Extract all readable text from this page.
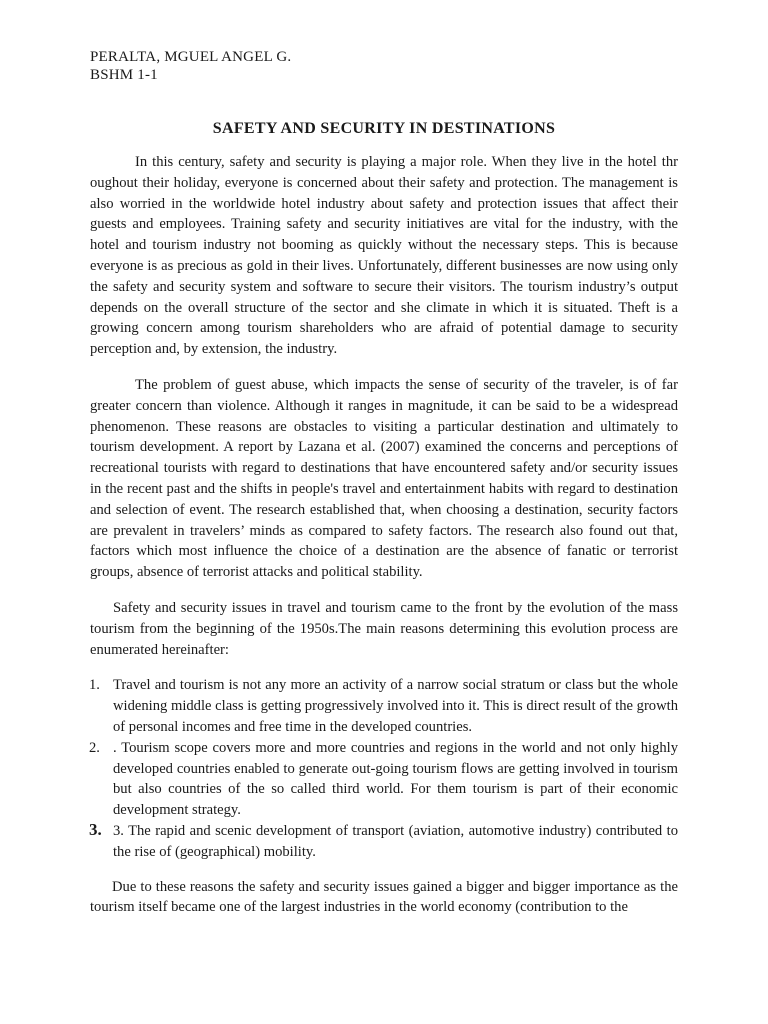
PERALTA, MGUEL ANGEL G.
BSHM 1-1
SAFETY AND SECURITY IN DESTINATIONS

In this century, safety and security is playing a major role. When they live in the hotel thr oughout their holiday, everyone is concerned about their safety and protection. The management is also worried in the worldwide hotel industry about safety and protection issues that affect their guests and employees. Training safety and security initiatives are vital for the industry, with the hotel and tourism industry not booming as quickly without the necessary steps. This is because everyone is as precious as gold in their lives. Unfortunately, different businesses are now using only the safety and security system and software to secure their visitors. The tourism industry’s output depends on the overall structure of the sector and she climate in which it is situated. Theft is a growing concern among tourism shareholders who are afraid of potential damage to security perception and, by extension, the industry.

The problem of guest abuse, which impacts the sense of security of the traveler, is of far greater concern than violence. Although it ranges in magnitude, it can be said to be a widespread phenomenon. These reasons are obstacles to visiting a particular destination and ultimately to tourism development. A report by Lazana et al. (2007) examined the concerns and perceptions of recreational tourists with regard to destinations that have encountered safety and/or security issues in the recent past and the shifts in people's travel and entertainment habits with regard to destination and selection of event. The research established that, when choosing a destination, security factors are prevalent in travelers’ minds as compared to safety factors. The research also found out that, factors which most influence the choice of a destination are the absence of fanatic or terrorist groups, absence of terrorist attacks and political stability.

Safety and security issues in travel and tourism came to the front by the evolution of the mass tourism from the beginning of the 1950s.The main reasons determining this evolution process are enumerated hereinafter:

1. Travel and tourism is not any more an activity of a narrow social stratum or class but the whole widening middle class is getting progressively involved into it. This is direct result of the growth of personal incomes and free time in the developed countries.
2. . Tourism scope covers more and more countries and regions in the world and not only highly developed countries enabled to generate out-going tourism flows are getting involved in tourism but also countries of the so called third world. For them tourism is part of their economic development strategy.
3. 3. The rapid and scenic development of transport (aviation, automotive industry) contributed to the rise of (geographical) mobility.

Due to these reasons the safety and security issues gained a bigger and bigger importance as the tourism itself became one of the largest industries in the world economy (contribution to the
